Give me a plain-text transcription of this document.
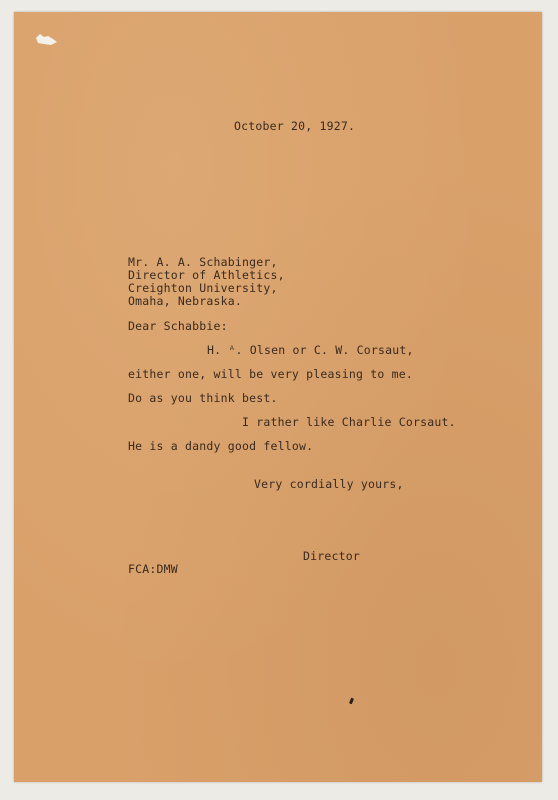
October 20, 1927.
Mr. A. A. Schabinger,
Director of Athletics,
Creighton University,
Omaha, Nebraska.
Dear Schabbie:
H. ᴬ. Olsen or C. W. Corsaut,
either one, will be very pleasing to me.
Do as you think best.
I rather like Charlie Corsaut.
He is a dandy good fellow.
Very cordially yours,
Director
FCA:DMW
